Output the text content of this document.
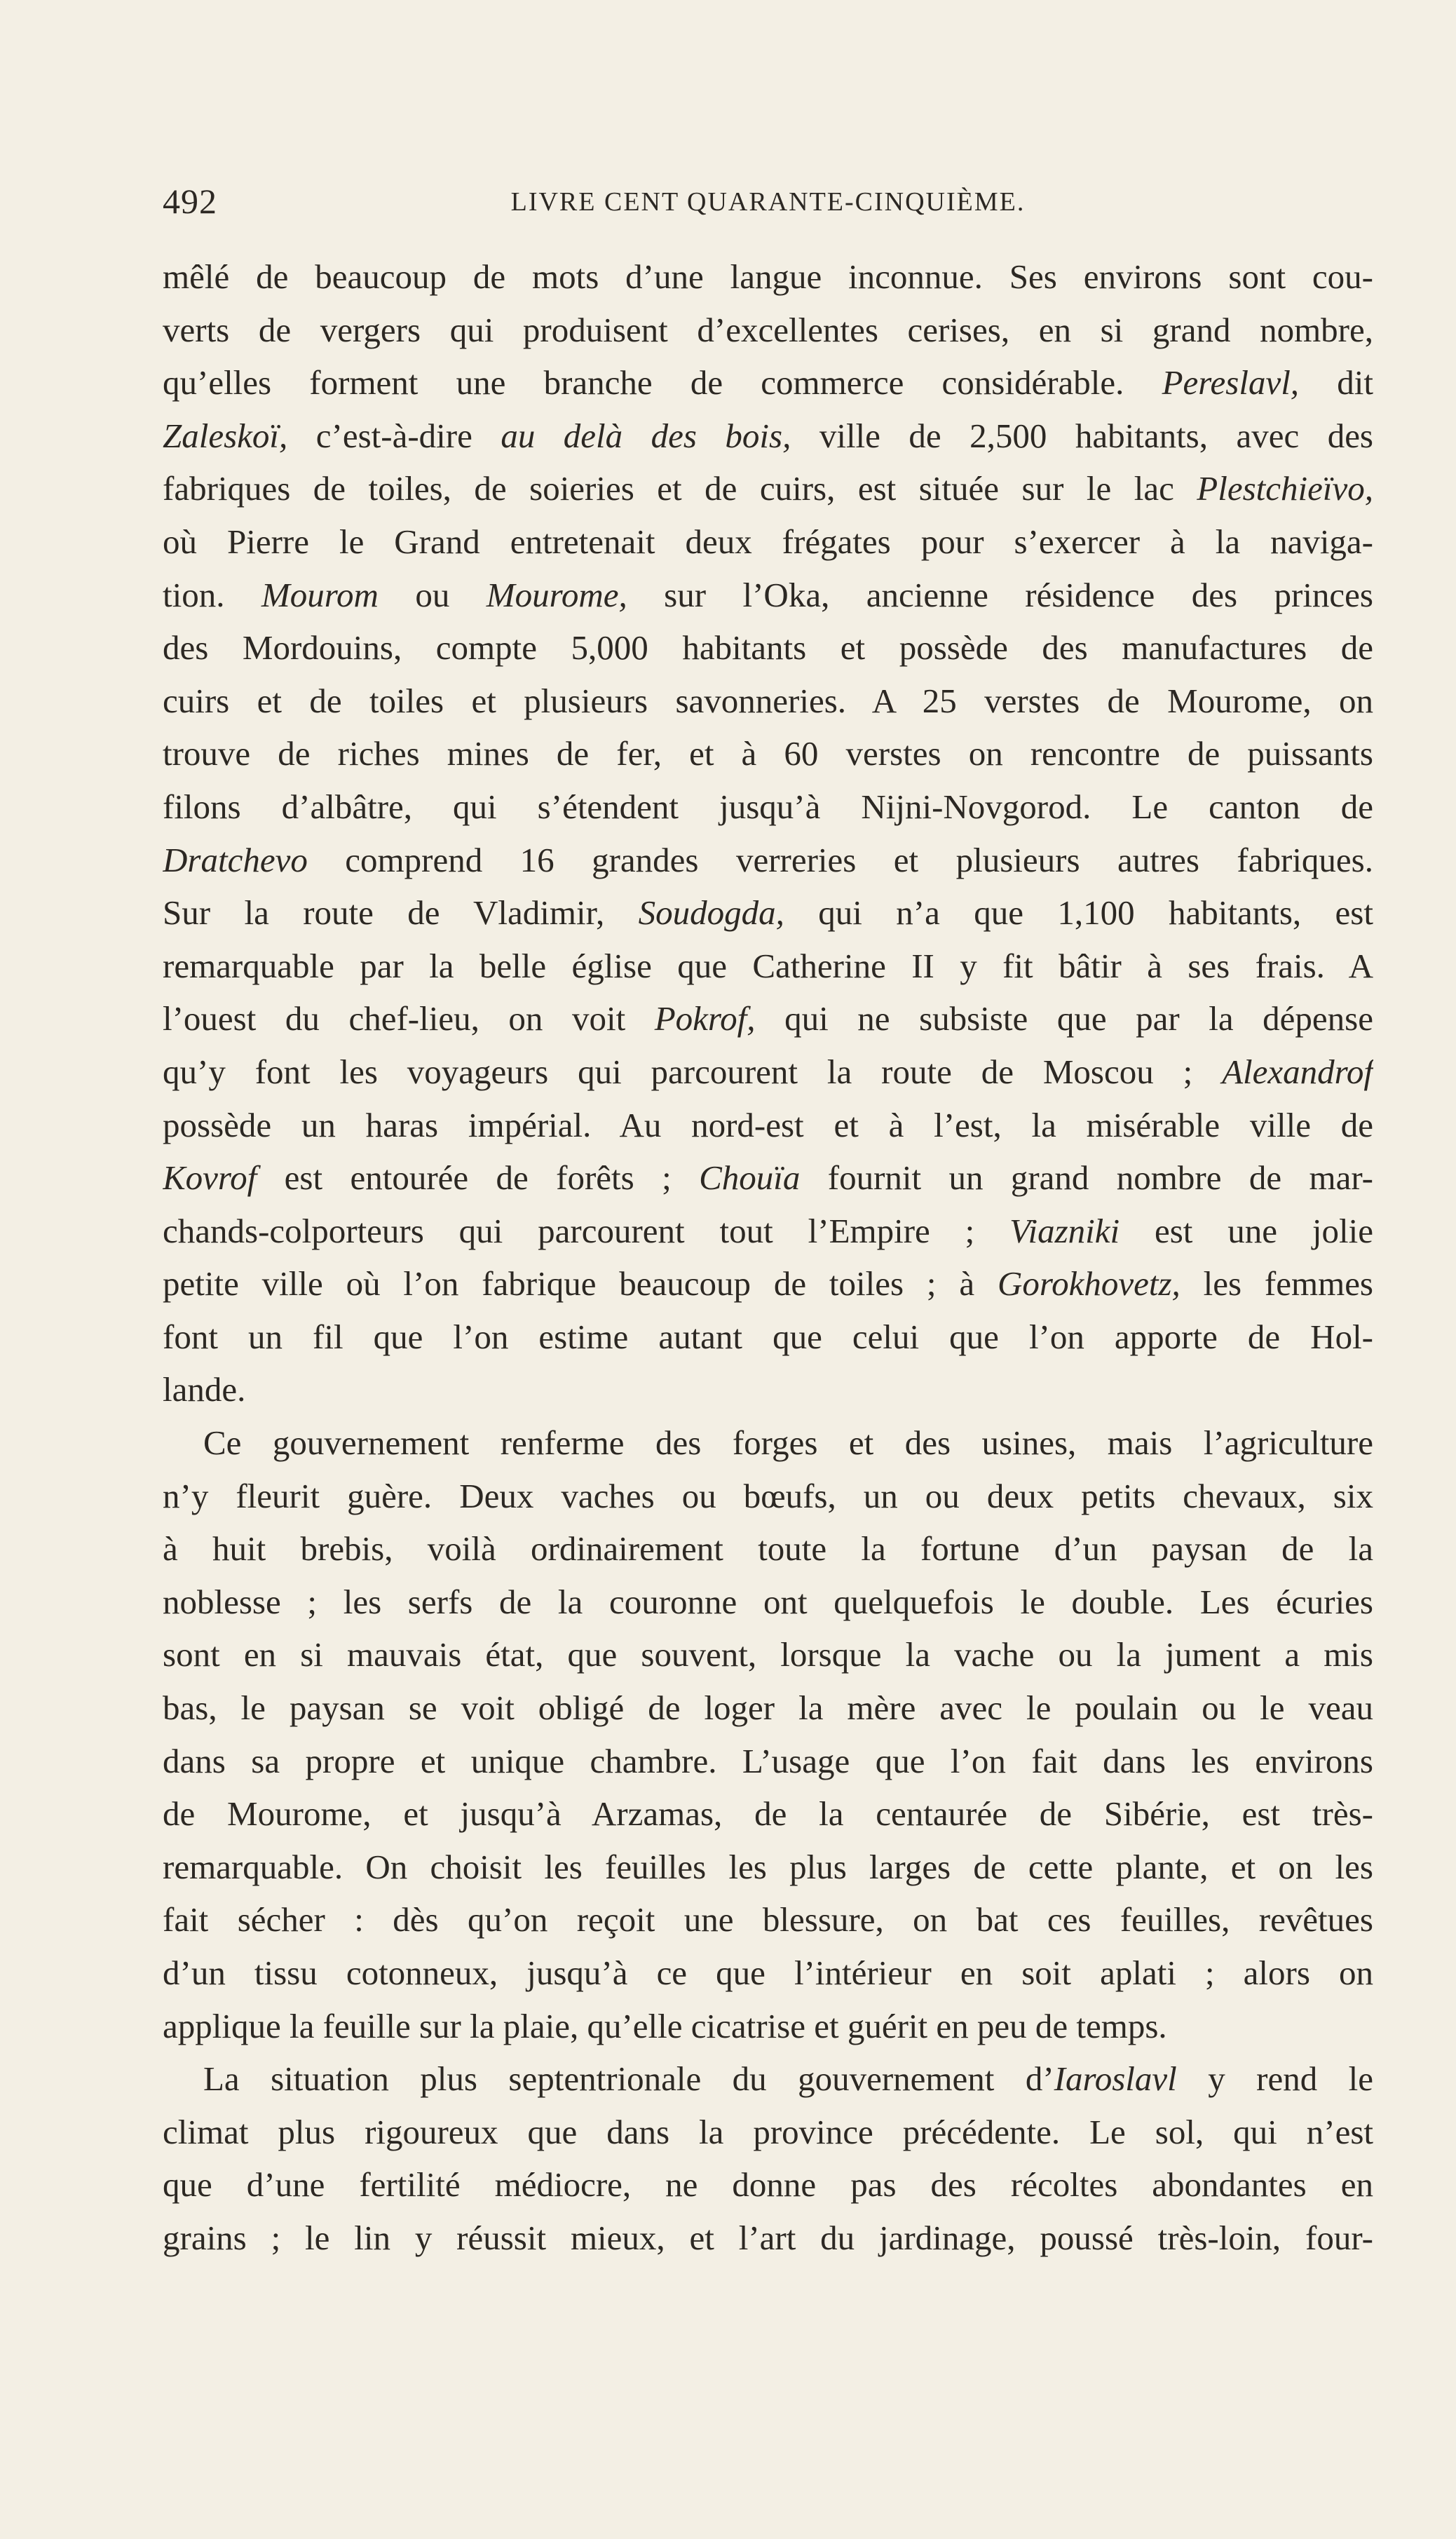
492	LIVRE CENT QUARANTE-CINQUIÈME.
mêlé de beaucoup de mots d’une langue inconnue. Ses environs sont cou-
verts de vergers qui produisent d’excellentes cerises, en si grand nombre,
qu’elles forment une branche de commerce considérable. Pereslavl, dit
Zaleskoï, c’est-à-dire au delà des bois, ville de 2,500 habitants, avec des
fabriques de toiles, de soieries et de cuirs, est située sur le lac Plestchieïvo,
où Pierre le Grand entretenait deux frégates pour s’exercer à la naviga-
tion. Mourom ou Mourome, sur l’Oka, ancienne résidence des princes
des Mordouins, compte 5,000 habitants et possède des manufactures de
cuirs et de toiles et plusieurs savonneries. A 25 verstes de Mourome, on
trouve de riches mines de fer, et à 60 verstes on rencontre de puissants
filons d’albâtre, qui s’étendent jusqu’à Nijni-Novgorod. Le canton de
Dratchevo comprend 16 grandes verreries et plusieurs autres fabriques.
Sur la route de Vladimir, Soudogda, qui n’a que 1,100 habitants, est
remarquable par la belle église que Catherine II y fit bâtir à ses frais. A
l’ouest du chef-lieu, on voit Pokrof, qui ne subsiste que par la dépense
qu’y font les voyageurs qui parcourent la route de Moscou ; Alexandrof
possède un haras impérial. Au nord-est et à l’est, la misérable ville de
Kovrof est entourée de forêts ; Chouïa fournit un grand nombre de mar-
chands-colporteurs qui parcourent tout l’Empire ; Viazniki est une jolie
petite ville où l’on fabrique beaucoup de toiles ; à Gorokhovetz, les femmes
font un fil que l’on estime autant que celui que l’on apporte de Hol-
lande.
Ce gouvernement renferme des forges et des usines, mais l’agriculture
n’y fleurit guère. Deux vaches ou bœufs, un ou deux petits chevaux, six
à huit brebis, voilà ordinairement toute la fortune d’un paysan de la
noblesse ; les serfs de la couronne ont quelquefois le double. Les écuries
sont en si mauvais état, que souvent, lorsque la vache ou la jument a mis
bas, le paysan se voit obligé de loger la mère avec le poulain ou le veau
dans sa propre et unique chambre. L’usage que l’on fait dans les environs
de Mourome, et jusqu’à Arzamas, de la centaurée de Sibérie, est très-
remarquable. On choisit les feuilles les plus larges de cette plante, et on les
fait sécher : dès qu’on reçoit une blessure, on bat ces feuilles, revêtues
d’un tissu cotonneux, jusqu’à ce que l’intérieur en soit aplati ; alors on
applique la feuille sur la plaie, qu’elle cicatrise et guérit en peu de temps.
La situation plus septentrionale du gouvernement d’Iaroslavl y rend le
climat plus rigoureux que dans la province précédente. Le sol, qui n’est
que d’une fertilité médiocre, ne donne pas des récoltes abondantes en
grains ; le lin y réussit mieux, et l’art du jardinage, poussé très-loin, four-
